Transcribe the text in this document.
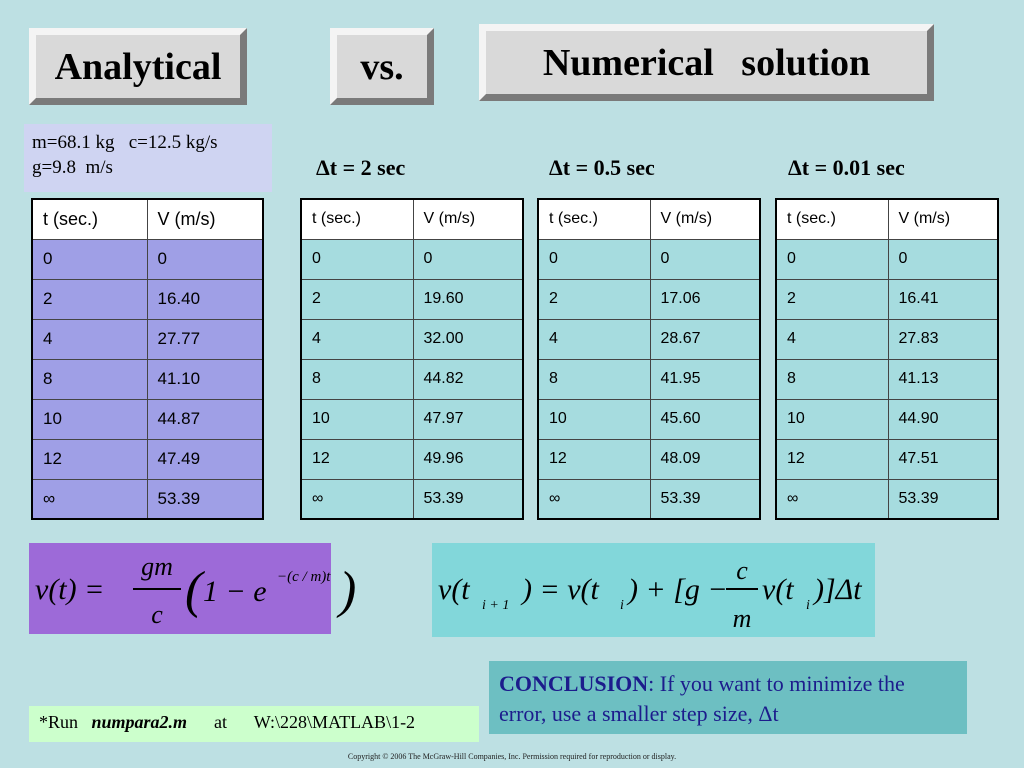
Analytical	vs.	Numerical solution
m=68.1 kg   c=12.5 kg/s
g=9.8  m/s	Δt = 2 sec	Δt = 0.5 sec	Δt = 0.01 sec
t (sec.)	V (m/s)
0	0
2	16.40
4	27.77
8	41.10
10	44.87
12	47.49
∞	53.39
t (sec.)	V (m/s)
0	0
2	19.60
4	32.00
8	44.82
10	47.97
12	49.96
∞	53.39
t (sec.)	V (m/s)
0	0
2	17.06
4	28.67
8	41.95
10	45.60
12	48.09
∞	53.39
t (sec.)	V (m/s)
0	0
2	16.41
4	27.83
8	41.13
10	44.90
12	47.51
∞	53.39
v(t) =
gm
c ( 1 − e −(c / m)t )	v(t i + 1 ) = v(t i ) + [g −
c
m
v(t i )]Δt
CONCLUSION: If you want to minimize the error, use a smaller step size, Δt
*Run numpara2.m at W:\228\MATLAB\1-2
Copyright © 2006 The McGraw-Hill Companies, Inc. Permission required for reproduction or display.
